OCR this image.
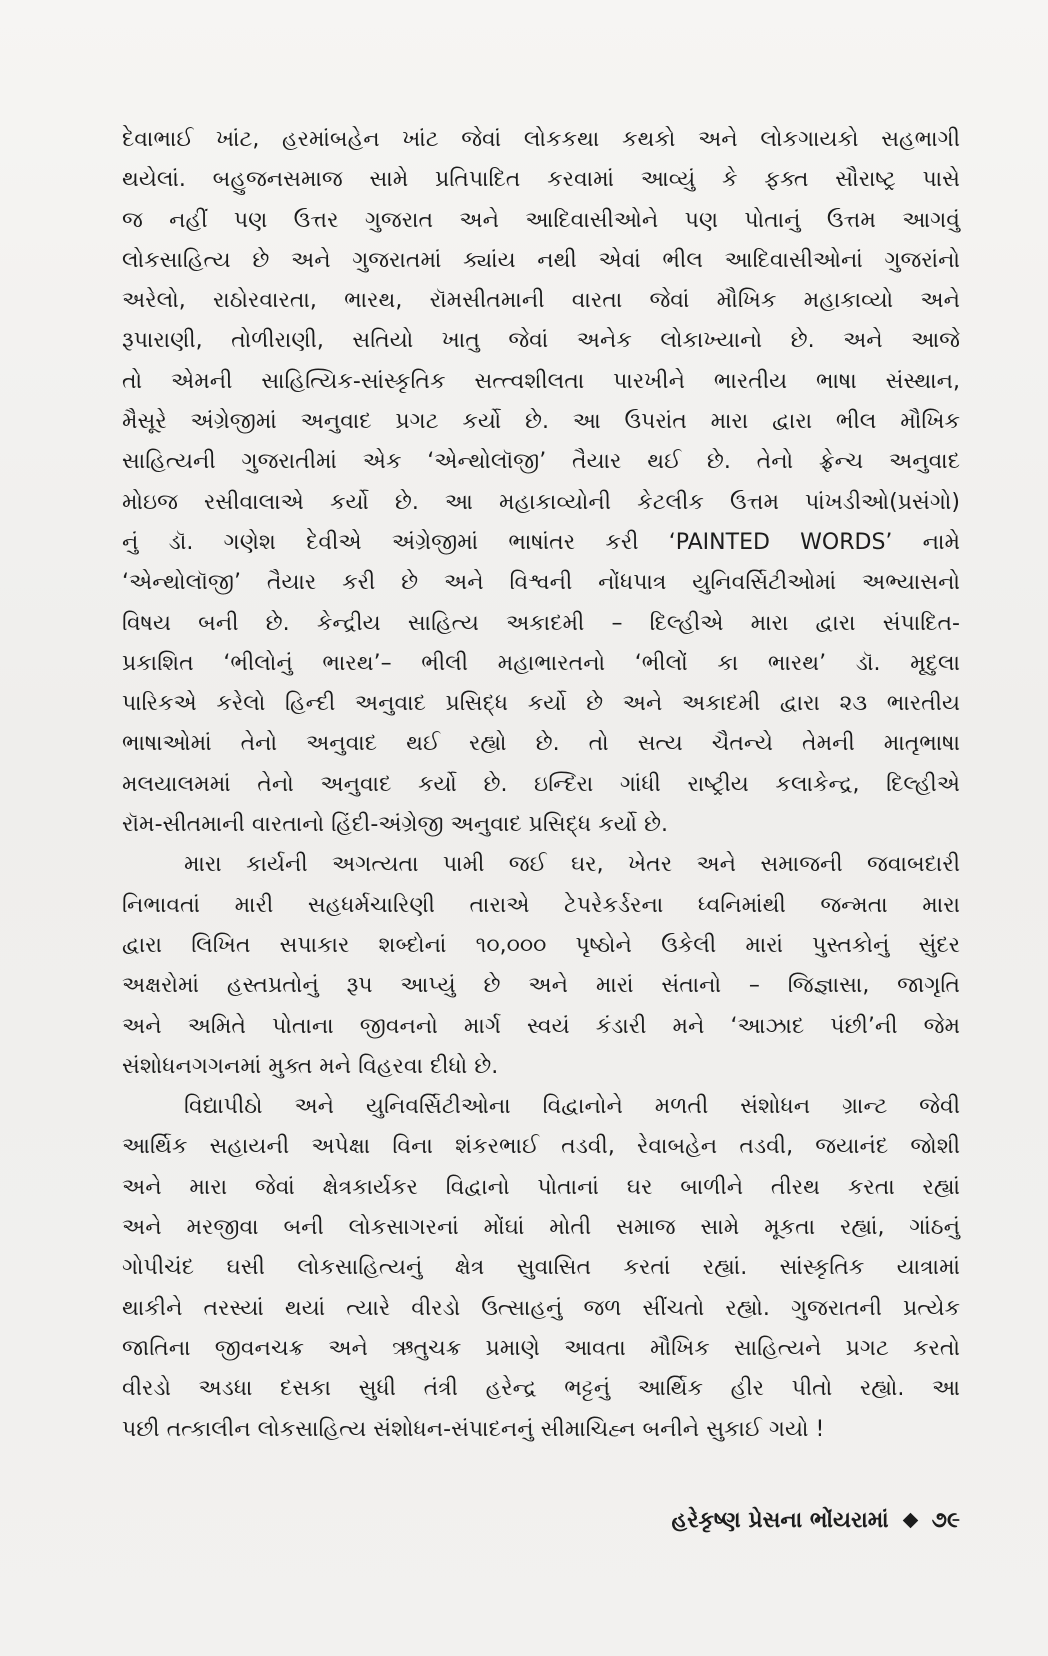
દેવાભાઈ ખાંટ, હરમાંબહેન ખાંટ જેવાં લોકકથા કથકો અને લોકગાયકો સહભાગી
થયેલાં. બહુજનસમાજ સામે પ્રતિપાદિત કરવામાં આવ્યું કે ફક્ત સૌરાષ્ટ્ર પાસે
જ નહીં પણ ઉત્તર ગુજરાત અને આદિવાસીઓને પણ પોતાનું ઉત્તમ આગવું
લોકસાહિત્ય છે અને ગુજરાતમાં ક્યાંય નથી એવાં ભીલ આદિવાસીઓનાં ગુજરાંનો
અરેલો, રાઠોરવારતા, ભારથ, રૉમસીતમાની વારતા જેવાં મૌખિક મહાકાવ્યો અને
રૂપારાણી, તોળીરાણી, સતિયો ખાતુ જેવાં અનેક લોકાખ્યાનો છે. અને આજે
તો એમની સાહિત્યિક-સાંસ્કૃતિક સત્ત્વશીલતા પારખીને ભારતીય ભાષા સંસ્થાન,
મૈસૂરે અંગ્રેજીમાં અનુવાદ પ્રગટ કર્યો છે. આ ઉપરાંત મારા દ્વારા ભીલ મૌખિક
સાહિત્યની ગુજરાતીમાં એક ‘એન્થોલૉજી’ તૈયાર થઈ છે. તેનો ફ્રેન્ચ અનુવાદ
મોઇજ રસીવાલાએ કર્યો છે. આ મહાકાવ્યોની કેટલીક ઉત્તમ પાંખડીઓ(પ્રસંગો)
નું ડૉ. ગણેશ દેવીએ અંગ્રેજીમાં ભાષાંતર કરી ‘PAINTED WORDS’ નામે
‘એન્થોલૉજી’ તૈયાર કરી છે અને વિશ્વની નોંધપાત્ર યુનિવર્સિટીઓમાં અભ્યાસનો
વિષય બની છે. કેન્દ્રીય સાહિત્ય અકાદમી – દિલ્હીએ મારા દ્વારા સંપાદિત-
પ્રકાશિત ‘ભીલોનું ભારથ’– ભીલી મહાભારતનો ‘ભીલોં કા ભારથ’ ડૉ. મૃદુલા
પારિકએ કરેલો હિન્દી અનુવાદ પ્રસિદ્ધ કર્યો છે અને અકાદમી દ્વારા ૨૩ ભારતીય
ભાષાઓમાં તેનો અનુવાદ થઈ રહ્યો છે. તો સત્ય ચૈતન્યે તેમની માતૃભાષા
મલયાલમમાં તેનો અનુવાદ કર્યો છે. ઇન્દિરા ગાંધી રાષ્ટ્રીય કલાકેન્દ્ર, દિલ્હીએ
રૉમ-સીતમાની વારતાનો હિંદી-અંગ્રેજી અનુવાદ પ્રસિદ્ધ કર્યો છે.

મારા કાર્યની અગત્યતા પામી જઈ ઘર, ખેતર અને સમાજની જવાબદારી
નિભાવતાં મારી સહધર્મચારિણી તારાએ ટેપરેકર્ડરના ધ્વનિમાંથી જન્મતા મારા
દ્વારા લિખિત સપાકાર શબ્દોનાં ૧૦,૦૦૦ પૃષ્ઠોને ઉકેલી મારાં પુસ્તકોનું સુંદર
અક્ષરોમાં હસ્તપ્રતોનું રૂપ આપ્યું છે અને મારાં સંતાનો – જિજ્ઞાસા, જાગૃતિ
અને અમિતે પોતાના જીવનનો માર્ગ સ્વયં કંડારી મને ‘આઝાદ પંછી’ની જેમ
સંશોધનગગનમાં મુક્ત મને વિહરવા દીધો છે.

વિદ્યાપીઠો અને યુનિવર્સિટીઓના વિદ્વાનોને મળતી સંશોધન ગ્રાન્ટ જેવી
આર્થિક સહાયની અપેક્ષા વિના શંકરભાઈ તડવી, રેવાબહેન તડવી, જયાનંદ જોશી
અને મારા જેવાં ક્ષેત્રકાર્યકર વિદ્વાનો પોતાનાં ઘર બાળીને તીરથ કરતા રહ્યાં
અને મરજીવા બની લોકસાગરનાં મોંઘાં મોતી સમાજ સામે મૂકતા રહ્યાં, ગાંઠનું
ગોપીચંદ ઘસી લોકસાહિત્યનું ક્ષેત્ર સુવાસિત કરતાં રહ્યાં. સાંસ્કૃતિક યાત્રામાં
થાકીને તરસ્યાં થયાં ત્યારે વીરડો ઉત્સાહનું જળ સીંચતો રહ્યો. ગુજરાતની પ્રત્યેક
જાતિના જીવનચક્ર અને ઋતુચક્ર પ્રમાણે આવતા મૌખિક સાહિત્યને પ્રગટ કરતો
વીરડો અડધા દસકા સુધી તંત્રી હરેન્દ્ર ભટ્ટનું આર્થિક હીર પીતો રહ્યો. આ
પછી તત્કાલીન લોકસાહિત્ય સંશોધન-સંપાદનનું સીમાચિહ્ન બનીને સુકાઈ ગયો !

હરેકૃષ્ણ પ્રેસના ભોંયરામાં ૭૯
